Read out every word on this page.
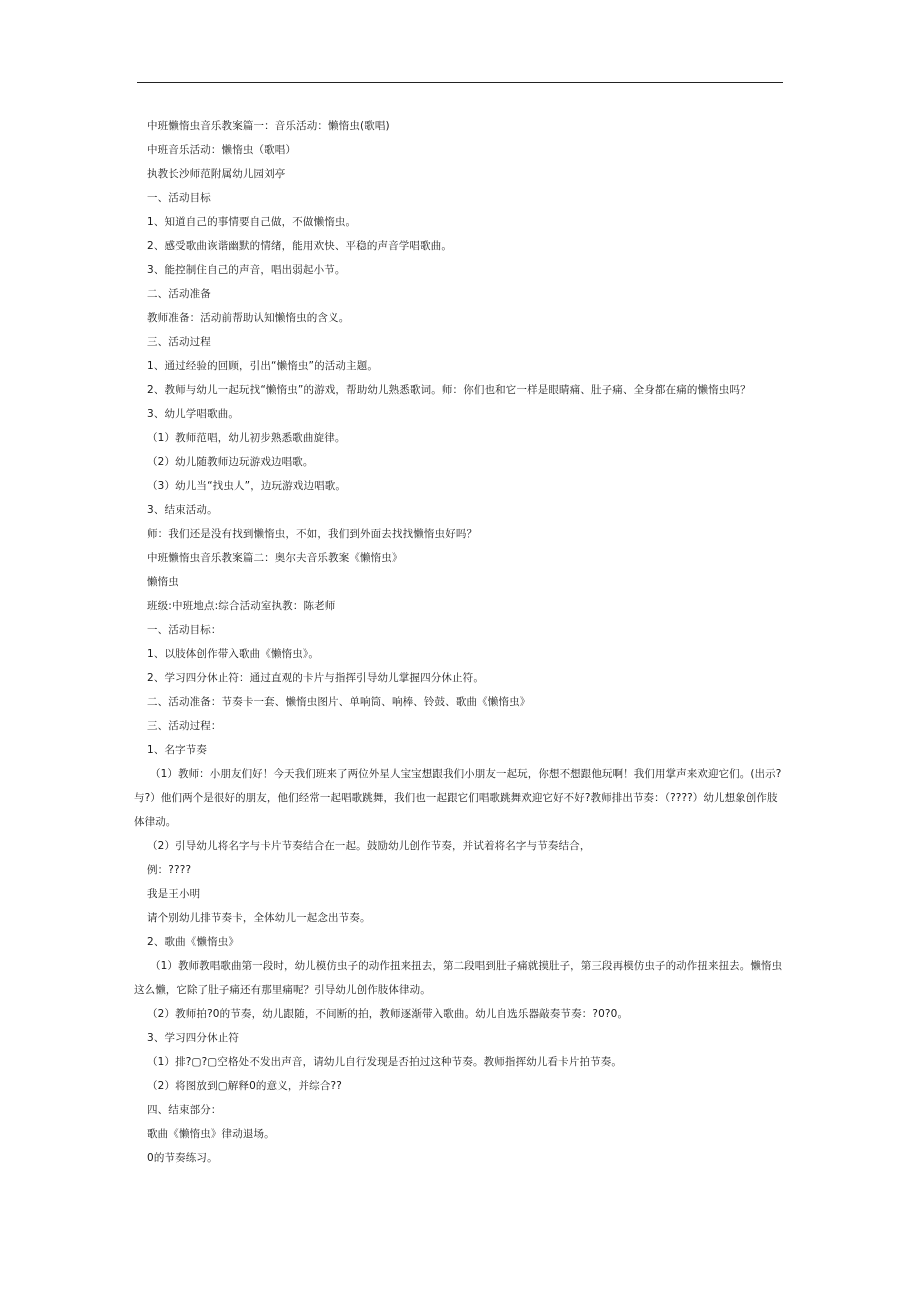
中班懒惰虫音乐教案篇一：音乐活动：懒惰虫(歌唱)
中班音乐活动：懒惰虫（歌唱）
执教长沙师范附属幼儿园刘亭
一、活动目标
1、知道自己的事情要自己做，不做懒惰虫。
2、感受歌曲诙谐幽默的情绪，能用欢快、平稳的声音学唱歌曲。
3、能控制住自己的声音，唱出弱起小节。
二、活动准备
教师准备：活动前帮助认知懒惰虫的含义。
三、活动过程
1、通过经验的回顾，引出“懒惰虫”的活动主题。
2、教师与幼儿一起玩找“懒惰虫”的游戏，帮助幼儿熟悉歌词。师：你们也和它一样是眼睛痛、肚子痛、全身都在痛的懒惰虫吗？
3、幼儿学唱歌曲。
（1）教师范唱，幼儿初步熟悉歌曲旋律。
（2）幼儿随教师边玩游戏边唱歌。
（3）幼儿当“找虫人”，边玩游戏边唱歌。
3、结束活动。
师：我们还是没有找到懒惰虫，不如，我们到外面去找找懒惰虫好吗？
中班懒惰虫音乐教案篇二：奥尔夫音乐教案《懒惰虫》
懒惰虫
班级:中班地点:综合活动室执教：陈老师
一、活动目标：
1、以肢体创作带入歌曲《懒惰虫》。
2、学习四分休止符：通过直观的卡片与指挥引导幼儿掌握四分休止符。
二、活动准备：节奏卡一套、懒惰虫图片、单响筒、响棒、铃鼓、歌曲《懒惰虫》
三、活动过程：
1、名字节奏
（1）教师：小朋友们好！今天我们班来了两位外星人宝宝想跟我们小朋友一起玩，你想不想跟他玩啊！我们用掌声来欢迎它们。(出示?与?）他们两个是很好的朋友，他们经常一起唱歌跳舞，我们也一起跟它们唱歌跳舞欢迎它好不好?教师排出节奏：（????）幼儿想象创作肢体律动。
（2）引导幼儿将名字与卡片节奏结合在一起。鼓励幼儿创作节奏，并试着将名字与节奏结合，
例：????
我是王小明
请个别幼儿排节奏卡，全体幼儿一起念出节奏。
2、歌曲《懒惰虫》
（1）教师教唱歌曲第一段时，幼儿模仿虫子的动作扭来扭去，第二段唱到肚子痛就摸肚子，第三段再模仿虫子的动作扭来扭去。懒惰虫这么懒，它除了肚子痛还有那里痛呢？引导幼儿创作肢体律动。
（2）教师拍?0的节奏，幼儿跟随，不间断的拍，教师逐渐带入歌曲。幼儿自选乐器敲奏节奏：?0?0。
3、学习四分休止符
（1）排?▢?▢空格处不发出声音，请幼儿自行发现是否拍过这种节奏。教师指挥幼儿看卡片拍节奏。
（2）将图放到▢解释0的意义，并综合??
四、结束部分：
歌曲《懒惰虫》律动退场。
0的节奏练习。
